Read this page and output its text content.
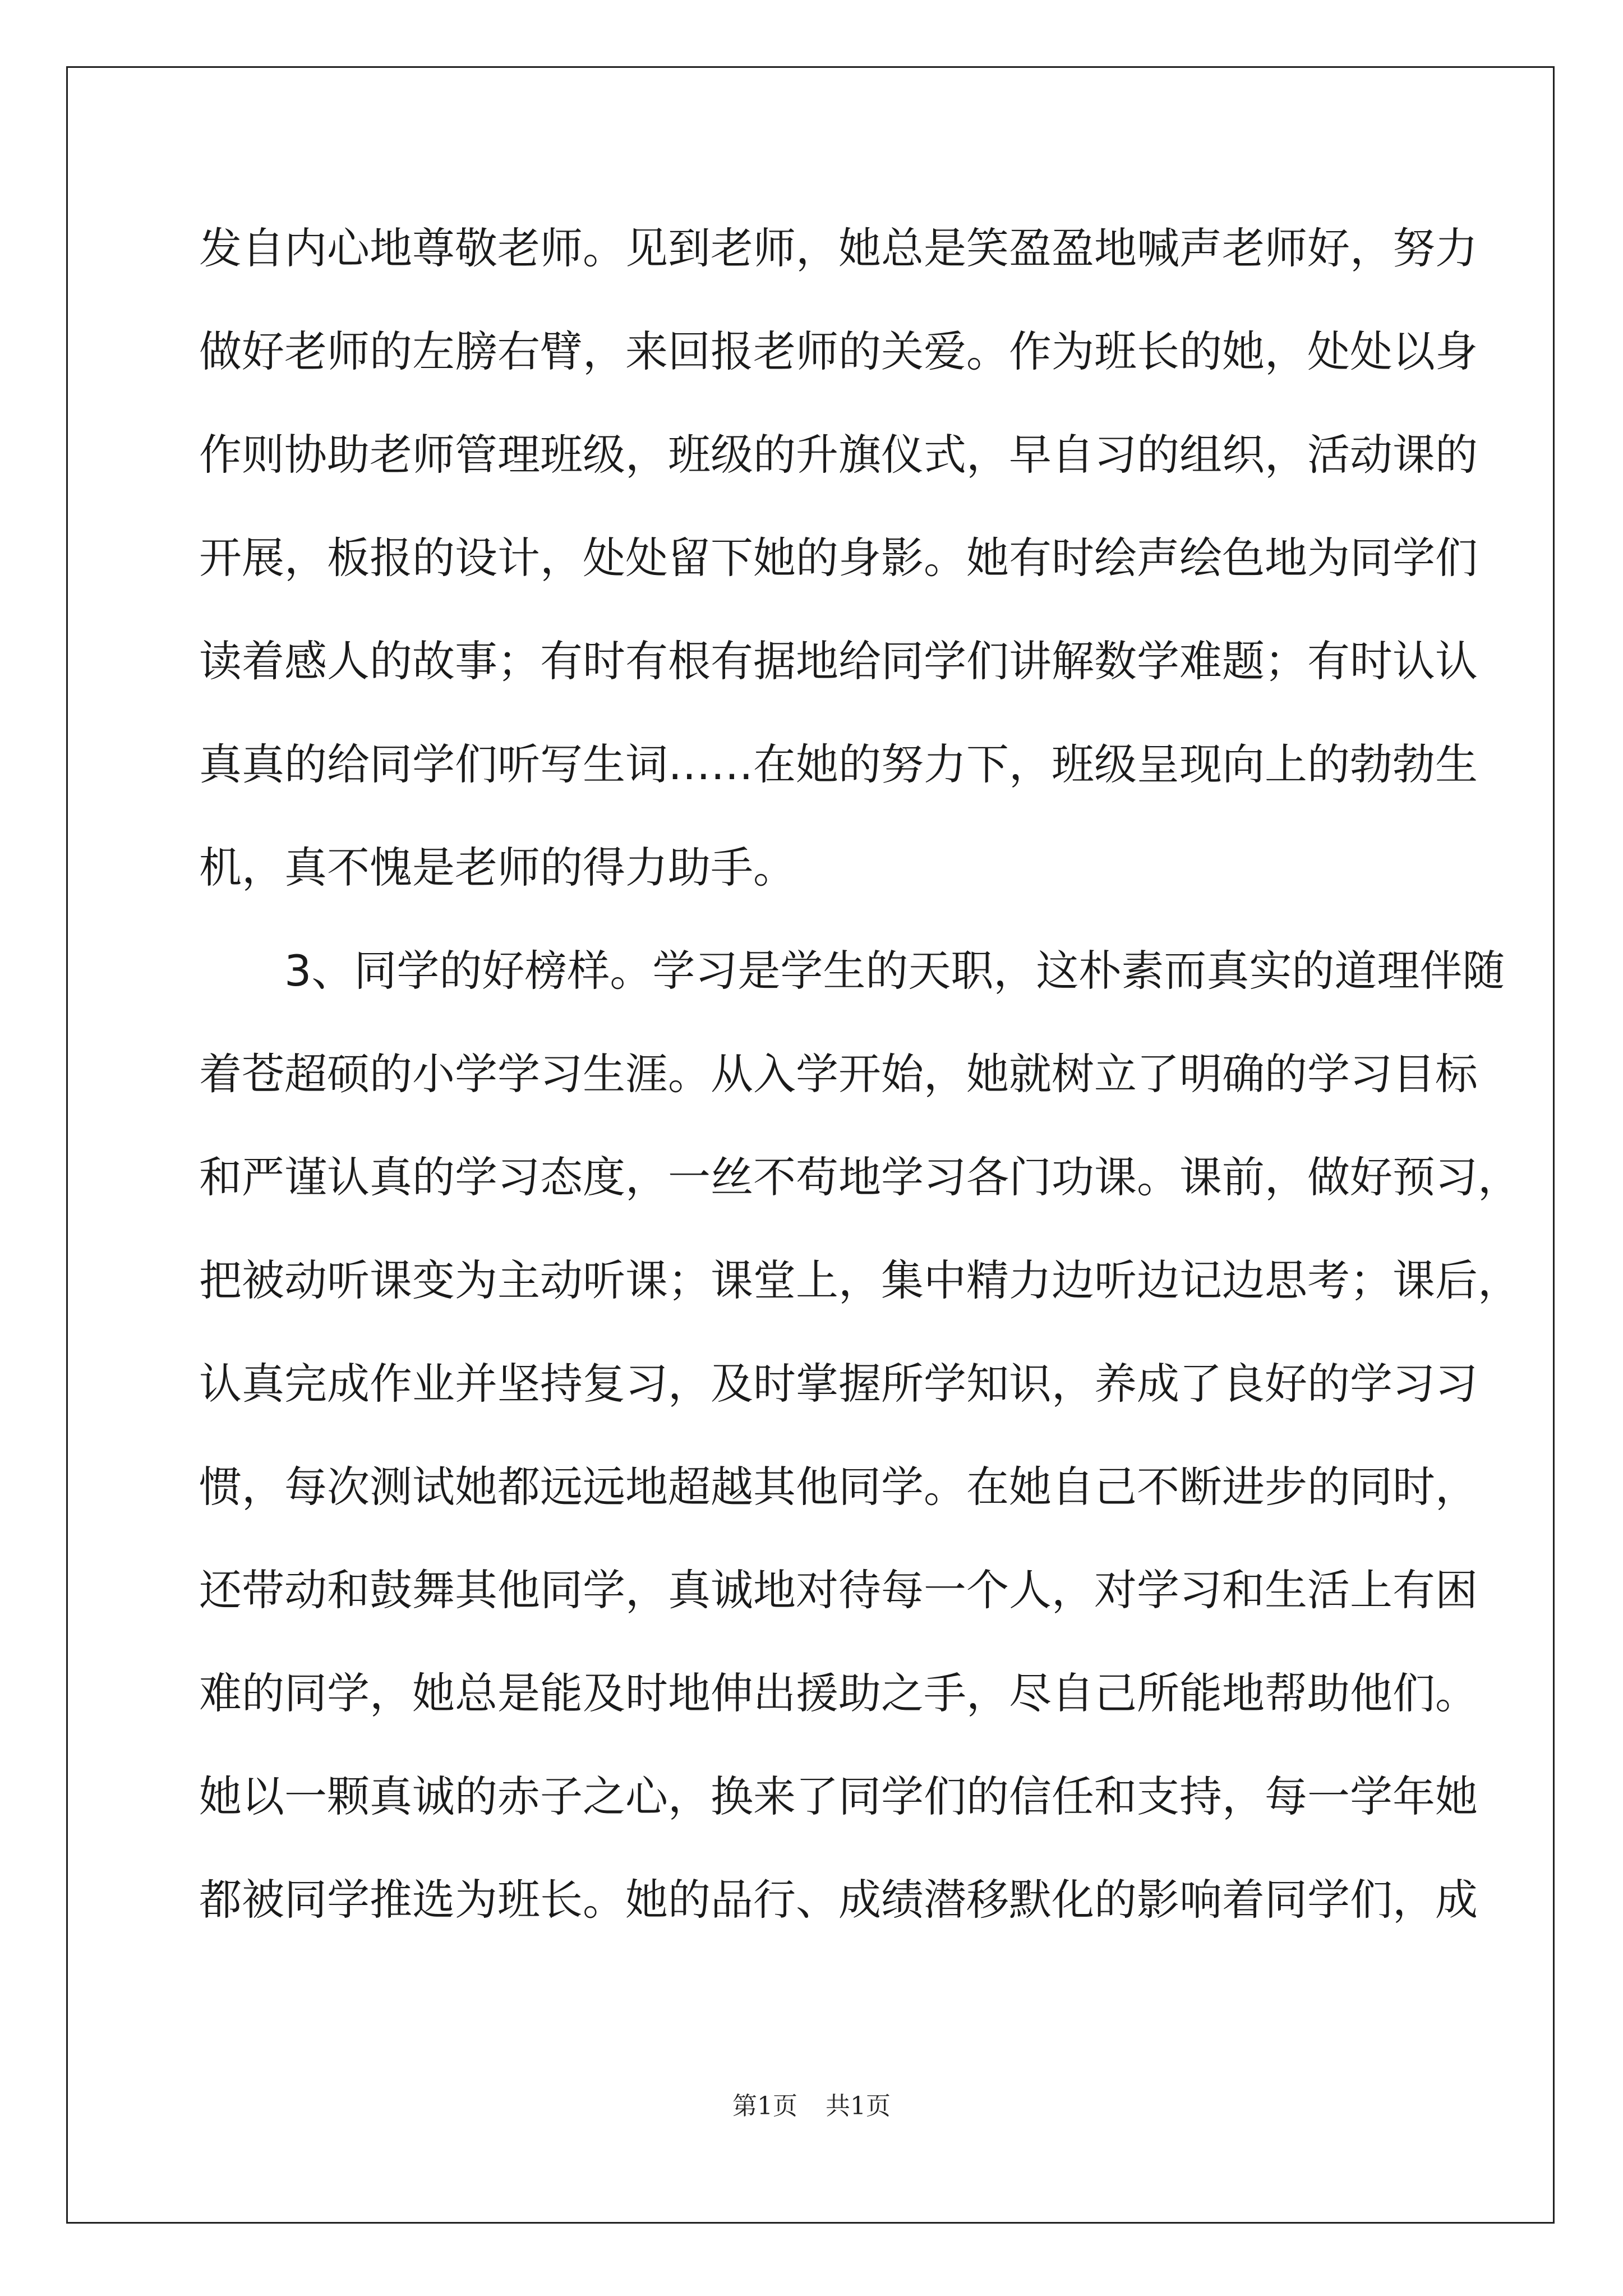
发自内心地尊敬老师。见到老师，她总是笑盈盈地喊声老师好，努力
做好老师的左膀右臂，来回报老师的关爱。作为班长的她，处处以身
作则协助老师管理班级，班级的升旗仪式，早自习的组织，活动课的
开展，板报的设计，处处留下她的身影。她有时绘声绘色地为同学们
读着感人的故事；有时有根有据地给同学们讲解数学难题；有时认认
真真的给同学们听写生词……在她的努力下，班级呈现向上的勃勃生
机，真不愧是老师的得力助手。
　　3、同学的好榜样。学习是学生的天职，这朴素而真实的道理伴随
着苍超硕的小学学习生涯。从入学开始，她就树立了明确的学习目标
和严谨认真的学习态度，一丝不苟地学习各门功课。课前，做好预习，
把被动听课变为主动听课；课堂上，集中精力边听边记边思考；课后，
认真完成作业并坚持复习，及时掌握所学知识，养成了良好的学习习
惯，每次测试她都远远地超越其他同学。在她自己不断进步的同时，
还带动和鼓舞其他同学，真诚地对待每一个人，对学习和生活上有困
难的同学，她总是能及时地伸出援助之手，尽自己所能地帮助他们。
她以一颗真诚的赤子之心，换来了同学们的信任和支持，每一学年她
都被同学推选为班长。她的品行、成绩潜移默化的影响着同学们，成
第1页 共1页
